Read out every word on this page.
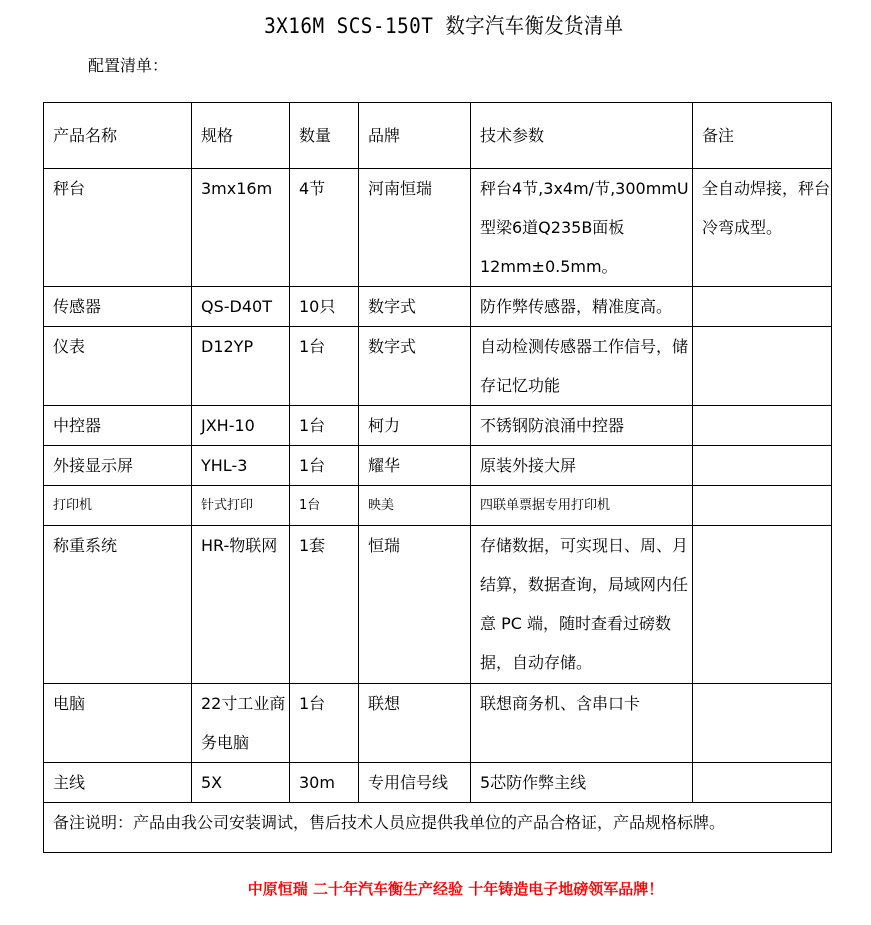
3X16M SCS-150T 数字汽车衡发货清单
配置清单：
产品名称	规格	数量	品牌	技术参数	备注
秤台	3mx16m	4节	河南恒瑞	秤台4节,3x4m/节,300mmU型梁6道Q235B面板12mm±0.5mm。	全自动焊接，秤台冷弯成型。
传感器	QS-D40T	10只	数字式	防作弊传感器，精准度高。	
仪表	D12YP	1台	数字式	自动检测传感器工作信号，储存记忆功能	
中控器	JXH-10	1台	柯力	不锈钢防浪涌中控器	
外接显示屏	YHL-3	1台	耀华	原装外接大屏	
打印机	针式打印	1台	映美	四联单票据专用打印机	
称重系统	HR-物联网	1套	恒瑞	存储数据，可实现日、周、月结算，数据查询，局域网内任意 PC 端，随时查看过磅数据，自动存储。	
电脑	22寸工业商务电脑	1台	联想	联想商务机、含串口卡	
主线	5X	30m	专用信号线	5芯防作弊主线	
备注说明：产品由我公司安装调试，售后技术人员应提供我单位的产品合格证，产品规格标牌。					
中原恒瑞 二十年汽车衡生产经验 十年铸造电子地磅领军品牌！
